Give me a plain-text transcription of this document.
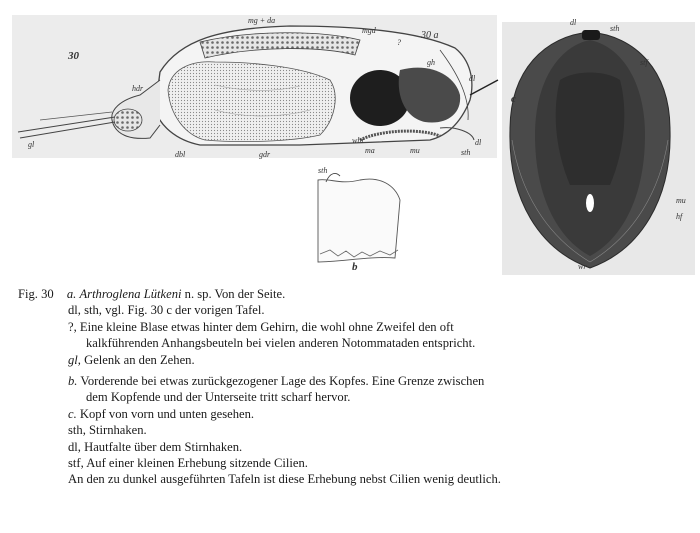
30
30 a
mg + da
mgd
?
gh
dl
hdr
gl
dbl	gdr
wbr
ma	mu
dl
sth
sth
b
c
dl
sth
stf
mu
hf
wr
Fig. 30 a. Arthroglena Lütkeni n. sp. Von der Seite.
dl, sth, vgl. Fig. 30 c der vorigen Tafel.
?, Eine kleine Blase etwas hinter dem Gehirn, die wohl ohne Zweifel den oft
kalkführenden Anhangsbeuteln bei vielen anderen Notommataden entspricht.
gl, Gelenk an den Zehen.
b. Vorderende bei etwas zurückgezogener Lage des Kopfes. Eine Grenze zwischen
dem Kopfende und der Unterseite tritt scharf hervor.
c. Kopf von vorn und unten gesehen.
sth, Stirnhaken.
dl, Hautfalte über dem Stirnhaken.
stf, Auf einer kleinen Erhebung sitzende Cilien.
An den zu dunkel ausgeführten Tafeln ist diese Erhebung nebst Cilien wenig deutlich.
